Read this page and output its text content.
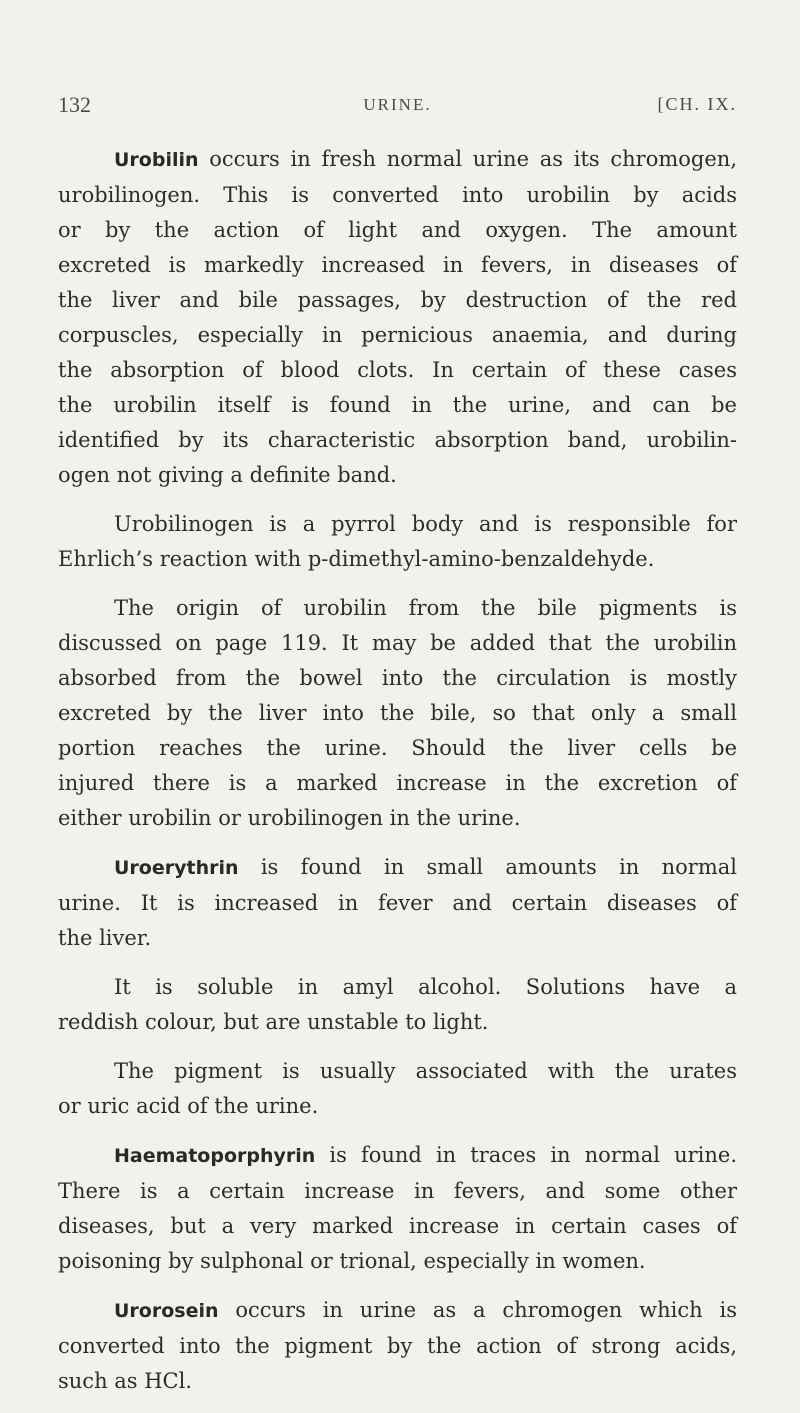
132	URINE.	[CH. IX.
Urobilin occurs in fresh normal urine as its chromogen,
urobilinogen. This is converted into urobilin by acids
or by the action of light and oxygen. The amount
excreted is markedly increased in fevers, in diseases of
the liver and bile passages, by destruction of the red
corpuscles, especially in pernicious anaemia, and during
the absorption of blood clots. In certain of these cases
the urobilin itself is found in the urine, and can be
identified by its characteristic absorption band, urobilin-
ogen not giving a definite band.
Urobilinogen is a pyrrol body and is responsible for
Ehrlich’s reaction with p-dimethyl-amino-benzaldehyde.
The origin of urobilin from the bile pigments is
discussed on page 119. It may be added that the urobilin
absorbed from the bowel into the circulation is mostly
excreted by the liver into the bile, so that only a small
portion reaches the urine. Should the liver cells be
injured there is a marked increase in the excretion of
either urobilin or urobilinogen in the urine.
Uroerythrin is found in small amounts in normal
urine. It is increased in fever and certain diseases of
the liver.
It is soluble in amyl alcohol. Solutions have a
reddish colour, but are unstable to light.
The pigment is usually associated with the urates
or uric acid of the urine.
Haematoporphyrin is found in traces in normal urine.
There is a certain increase in fevers, and some other
diseases, but a very marked increase in certain cases of
poisoning by sulphonal or trional, especially in women.
Urorosein occurs in urine as a chromogen which is
converted into the pigment by the action of strong acids,
such as HCl.
